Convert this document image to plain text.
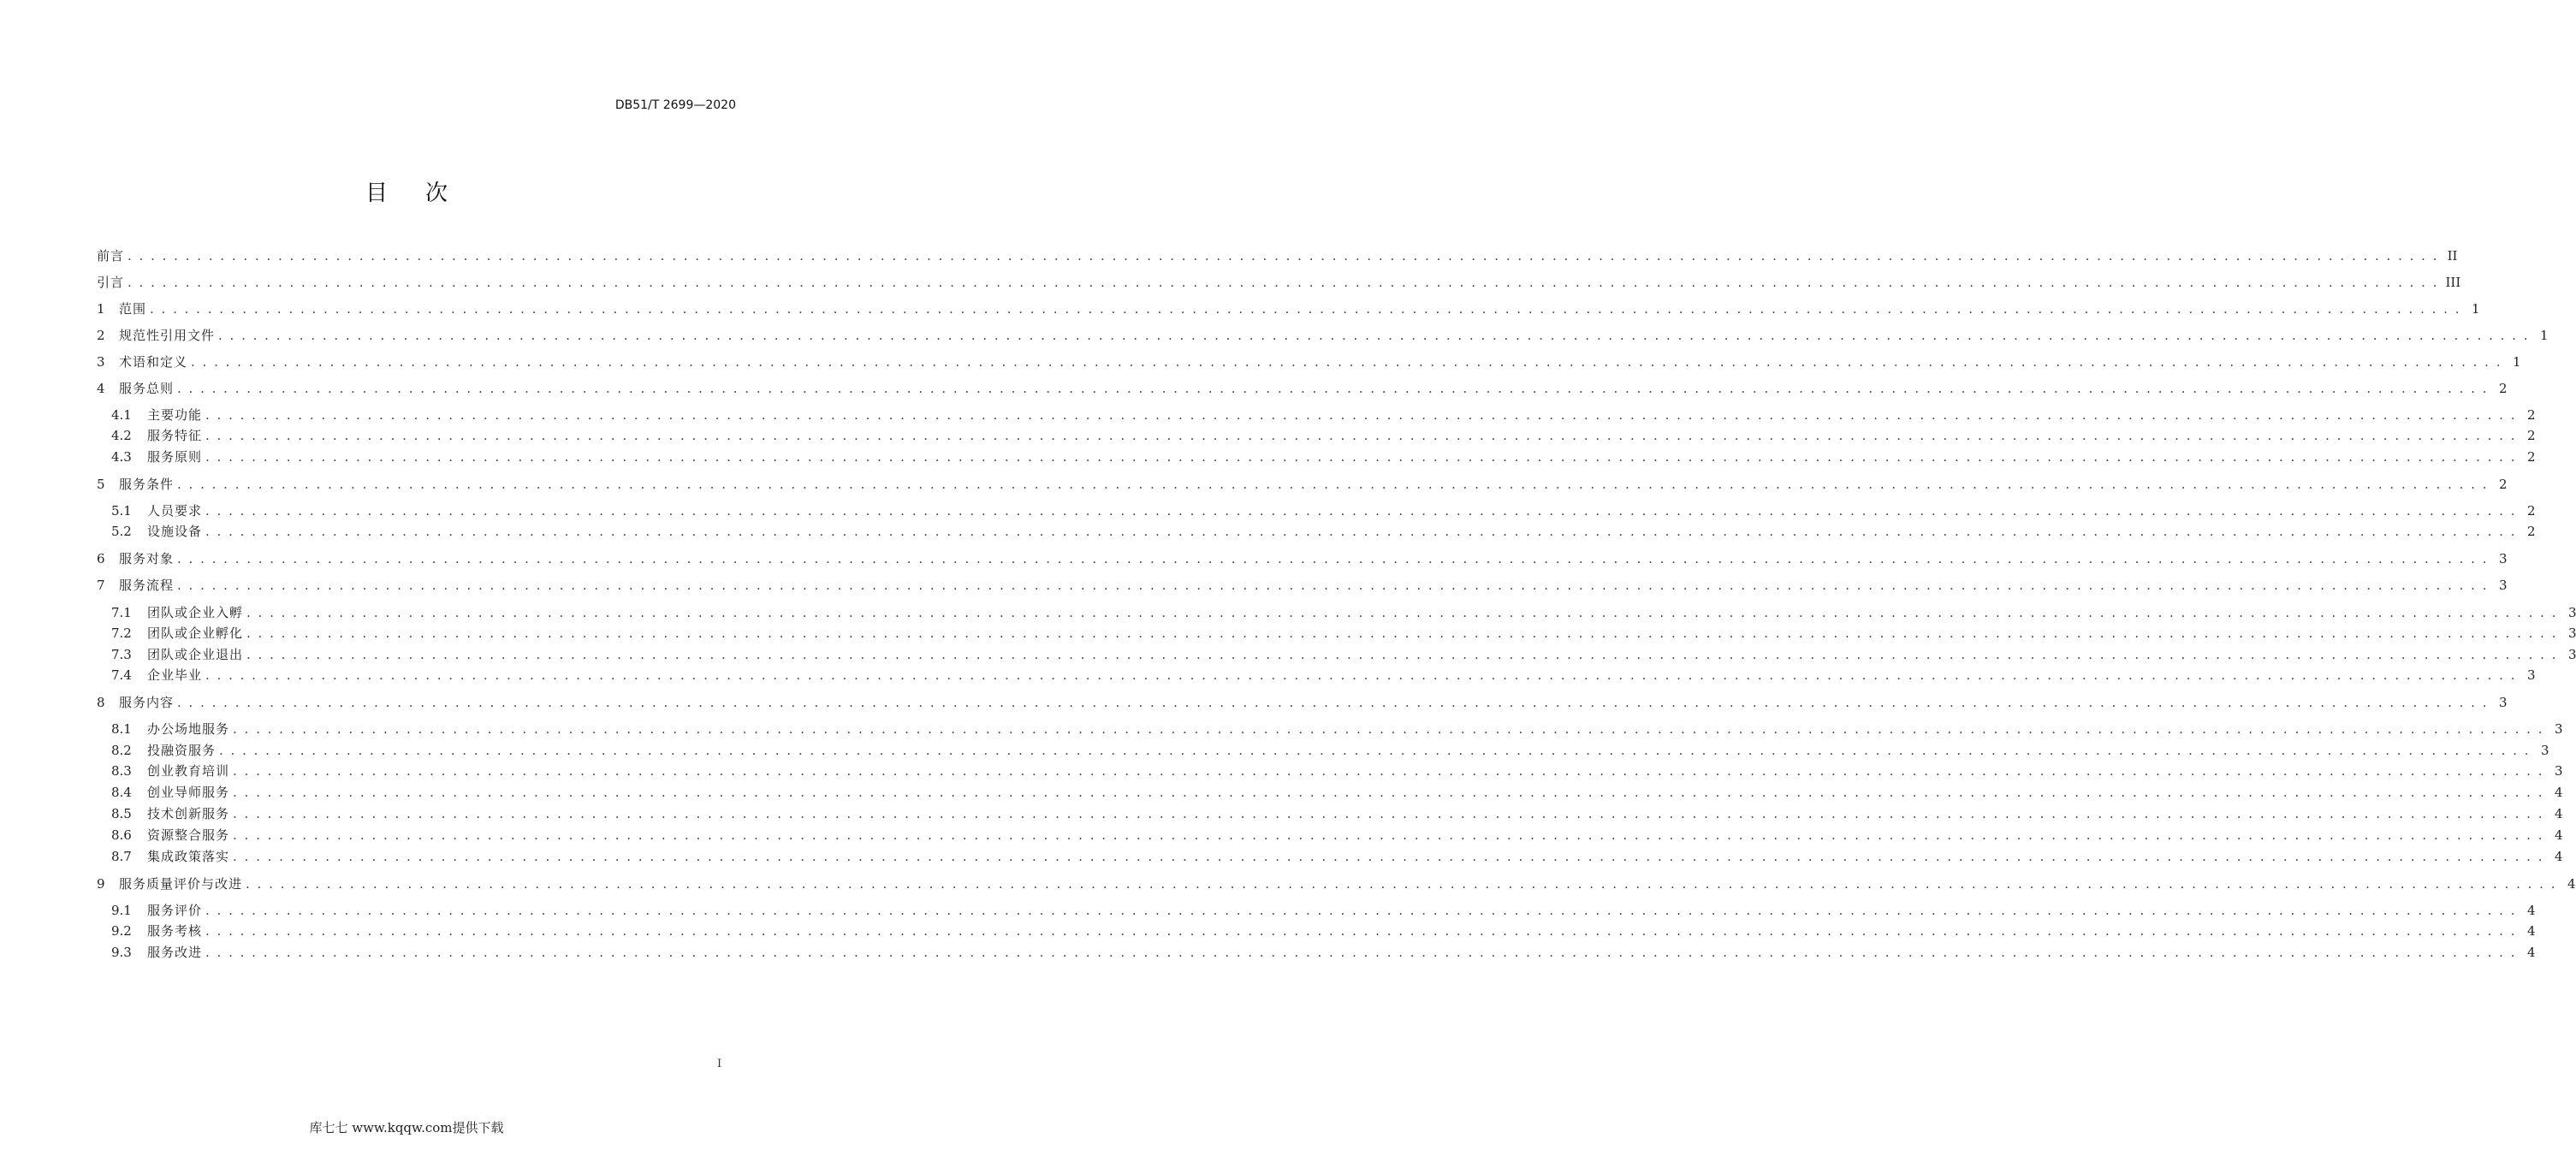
DB51/T 2699—2020
目次
前言 . . . . . . . . . . . . . . . . . . . . . . . . . . . . . . . . . . . . . . . . . . . . . . . . . . . . . . . . . . . . . . . . . . . . . . . . . . . . . . . . . . . . . . . . . . . . . . . . . . . . . . . . . . . . . . . . . . . . . . . . . . . . . . . . . . . . . . . . . . . . . . . . . . . . . . . . . . . . . . . . . . . . . . . . . . . . . . . . . . . . . . . . . . . . . . . . . . . . . . . . II
引言 . . . . . . . . . . . . . . . . . . . . . . . . . . . . . . . . . . . . . . . . . . . . . . . . . . . . . . . . . . . . . . . . . . . . . . . . . . . . . . . . . . . . . . . . . . . . . . . . . . . . . . . . . . . . . . . . . . . . . . . . . . . . . . . . . . . . . . . . . . . . . . . . . . . . . . . . . . . . . . . . . . . . . . . . . . . . . . . . . . . . . . . . . . . . . . . . . . . . . . . . III
1	范围 . . . . . . . . . . . . . . . . . . . . . . . . . . . . . . . . . . . . . . . . . . . . . . . . . . . . . . . . . . . . . . . . . . . . . . . . . . . . . . . . . . . . . . . . . . . . . . . . . . . . . . . . . . . . . . . . . . . . . . . . . . . . . . . . . . . . . . . . . . . . . . . . . . . . . . . . . . . . . . . . . . . . . . . . . . . . . . . . . . . . . . . . . . . . . . . . . . . . . . . . 1
2	规范性引用文件 . . . . . . . . . . . . . . . . . . . . . . . . . . . . . . . . . . . . . . . . . . . . . . . . . . . . . . . . . . . . . . . . . . . . . . . . . . . . . . . . . . . . . . . . . . . . . . . . . . . . . . . . . . . . . . . . . . . . . . . . . . . . . . . . . . . . . . . . . . . . . . . . . . . . . . . . . . . . . . . . . . . . . . . . . . . . . . . . . . . . . . . . . . . . . . . . . . . . . . . . 1
3	术语和定义 . . . . . . . . . . . . . . . . . . . . . . . . . . . . . . . . . . . . . . . . . . . . . . . . . . . . . . . . . . . . . . . . . . . . . . . . . . . . . . . . . . . . . . . . . . . . . . . . . . . . . . . . . . . . . . . . . . . . . . . . . . . . . . . . . . . . . . . . . . . . . . . . . . . . . . . . . . . . . . . . . . . . . . . . . . . . . . . . . . . . . . . . . . . . . . . . . . . . . . . . 1
4	服务总则 . . . . . . . . . . . . . . . . . . . . . . . . . . . . . . . . . . . . . . . . . . . . . . . . . . . . . . . . . . . . . . . . . . . . . . . . . . . . . . . . . . . . . . . . . . . . . . . . . . . . . . . . . . . . . . . . . . . . . . . . . . . . . . . . . . . . . . . . . . . . . . . . . . . . . . . . . . . . . . . . . . . . . . . . . . . . . . . . . . . . . . . . . . . . . . . . . . . . . . . . 2
4.1	主要功能 . . . . . . . . . . . . . . . . . . . . . . . . . . . . . . . . . . . . . . . . . . . . . . . . . . . . . . . . . . . . . . . . . . . . . . . . . . . . . . . . . . . . . . . . . . . . . . . . . . . . . . . . . . . . . . . . . . . . . . . . . . . . . . . . . . . . . . . . . . . . . . . . . . . . . . . . . . . . . . . . . . . . . . . . . . . . . . . . . . . . . . . . . . . . . . . . . . . . . . . . 2
4.2	服务特征 . . . . . . . . . . . . . . . . . . . . . . . . . . . . . . . . . . . . . . . . . . . . . . . . . . . . . . . . . . . . . . . . . . . . . . . . . . . . . . . . . . . . . . . . . . . . . . . . . . . . . . . . . . . . . . . . . . . . . . . . . . . . . . . . . . . . . . . . . . . . . . . . . . . . . . . . . . . . . . . . . . . . . . . . . . . . . . . . . . . . . . . . . . . . . . . . . . . . . . . . 2
4.3	服务原则 . . . . . . . . . . . . . . . . . . . . . . . . . . . . . . . . . . . . . . . . . . . . . . . . . . . . . . . . . . . . . . . . . . . . . . . . . . . . . . . . . . . . . . . . . . . . . . . . . . . . . . . . . . . . . . . . . . . . . . . . . . . . . . . . . . . . . . . . . . . . . . . . . . . . . . . . . . . . . . . . . . . . . . . . . . . . . . . . . . . . . . . . . . . . . . . . . . . . . . . . 2
5	服务条件 . . . . . . . . . . . . . . . . . . . . . . . . . . . . . . . . . . . . . . . . . . . . . . . . . . . . . . . . . . . . . . . . . . . . . . . . . . . . . . . . . . . . . . . . . . . . . . . . . . . . . . . . . . . . . . . . . . . . . . . . . . . . . . . . . . . . . . . . . . . . . . . . . . . . . . . . . . . . . . . . . . . . . . . . . . . . . . . . . . . . . . . . . . . . . . . . . . . . . . . . 2
5.1	人员要求 . . . . . . . . . . . . . . . . . . . . . . . . . . . . . . . . . . . . . . . . . . . . . . . . . . . . . . . . . . . . . . . . . . . . . . . . . . . . . . . . . . . . . . . . . . . . . . . . . . . . . . . . . . . . . . . . . . . . . . . . . . . . . . . . . . . . . . . . . . . . . . . . . . . . . . . . . . . . . . . . . . . . . . . . . . . . . . . . . . . . . . . . . . . . . . . . . . . . . . . . 2
5.2	设施设备 . . . . . . . . . . . . . . . . . . . . . . . . . . . . . . . . . . . . . . . . . . . . . . . . . . . . . . . . . . . . . . . . . . . . . . . . . . . . . . . . . . . . . . . . . . . . . . . . . . . . . . . . . . . . . . . . . . . . . . . . . . . . . . . . . . . . . . . . . . . . . . . . . . . . . . . . . . . . . . . . . . . . . . . . . . . . . . . . . . . . . . . . . . . . . . . . . . . . . . . . 2
6	服务对象 . . . . . . . . . . . . . . . . . . . . . . . . . . . . . . . . . . . . . . . . . . . . . . . . . . . . . . . . . . . . . . . . . . . . . . . . . . . . . . . . . . . . . . . . . . . . . . . . . . . . . . . . . . . . . . . . . . . . . . . . . . . . . . . . . . . . . . . . . . . . . . . . . . . . . . . . . . . . . . . . . . . . . . . . . . . . . . . . . . . . . . . . . . . . . . . . . . . . . . . . 3
7	服务流程 . . . . . . . . . . . . . . . . . . . . . . . . . . . . . . . . . . . . . . . . . . . . . . . . . . . . . . . . . . . . . . . . . . . . . . . . . . . . . . . . . . . . . . . . . . . . . . . . . . . . . . . . . . . . . . . . . . . . . . . . . . . . . . . . . . . . . . . . . . . . . . . . . . . . . . . . . . . . . . . . . . . . . . . . . . . . . . . . . . . . . . . . . . . . . . . . . . . . . . . . 3
7.1	团队或企业入孵 . . . . . . . . . . . . . . . . . . . . . . . . . . . . . . . . . . . . . . . . . . . . . . . . . . . . . . . . . . . . . . . . . . . . . . . . . . . . . . . . . . . . . . . . . . . . . . . . . . . . . . . . . . . . . . . . . . . . . . . . . . . . . . . . . . . . . . . . . . . . . . . . . . . . . . . . . . . . . . . . . . . . . . . . . . . . . . . . . . . . . . . . . . . . . . . . . . . . . . . . 3
7.2	团队或企业孵化 . . . . . . . . . . . . . . . . . . . . . . . . . . . . . . . . . . . . . . . . . . . . . . . . . . . . . . . . . . . . . . . . . . . . . . . . . . . . . . . . . . . . . . . . . . . . . . . . . . . . . . . . . . . . . . . . . . . . . . . . . . . . . . . . . . . . . . . . . . . . . . . . . . . . . . . . . . . . . . . . . . . . . . . . . . . . . . . . . . . . . . . . . . . . . . . . . . . . . . . . 3
7.3	团队或企业退出 . . . . . . . . . . . . . . . . . . . . . . . . . . . . . . . . . . . . . . . . . . . . . . . . . . . . . . . . . . . . . . . . . . . . . . . . . . . . . . . . . . . . . . . . . . . . . . . . . . . . . . . . . . . . . . . . . . . . . . . . . . . . . . . . . . . . . . . . . . . . . . . . . . . . . . . . . . . . . . . . . . . . . . . . . . . . . . . . . . . . . . . . . . . . . . . . . . . . . . . . 3
7.4	企业毕业 . . . . . . . . . . . . . . . . . . . . . . . . . . . . . . . . . . . . . . . . . . . . . . . . . . . . . . . . . . . . . . . . . . . . . . . . . . . . . . . . . . . . . . . . . . . . . . . . . . . . . . . . . . . . . . . . . . . . . . . . . . . . . . . . . . . . . . . . . . . . . . . . . . . . . . . . . . . . . . . . . . . . . . . . . . . . . . . . . . . . . . . . . . . . . . . . . . . . . . . . 3
8	服务内容 . . . . . . . . . . . . . . . . . . . . . . . . . . . . . . . . . . . . . . . . . . . . . . . . . . . . . . . . . . . . . . . . . . . . . . . . . . . . . . . . . . . . . . . . . . . . . . . . . . . . . . . . . . . . . . . . . . . . . . . . . . . . . . . . . . . . . . . . . . . . . . . . . . . . . . . . . . . . . . . . . . . . . . . . . . . . . . . . . . . . . . . . . . . . . . . . . . . . . . . . 3
8.1	办公场地服务 . . . . . . . . . . . . . . . . . . . . . . . . . . . . . . . . . . . . . . . . . . . . . . . . . . . . . . . . . . . . . . . . . . . . . . . . . . . . . . . . . . . . . . . . . . . . . . . . . . . . . . . . . . . . . . . . . . . . . . . . . . . . . . . . . . . . . . . . . . . . . . . . . . . . . . . . . . . . . . . . . . . . . . . . . . . . . . . . . . . . . . . . . . . . . . . . . . . . . . . . 3
8.2	投融资服务 . . . . . . . . . . . . . . . . . . . . . . . . . . . . . . . . . . . . . . . . . . . . . . . . . . . . . . . . . . . . . . . . . . . . . . . . . . . . . . . . . . . . . . . . . . . . . . . . . . . . . . . . . . . . . . . . . . . . . . . . . . . . . . . . . . . . . . . . . . . . . . . . . . . . . . . . . . . . . . . . . . . . . . . . . . . . . . . . . . . . . . . . . . . . . . . . . . . . . . . . 3
8.3	创业教育培训 . . . . . . . . . . . . . . . . . . . . . . . . . . . . . . . . . . . . . . . . . . . . . . . . . . . . . . . . . . . . . . . . . . . . . . . . . . . . . . . . . . . . . . . . . . . . . . . . . . . . . . . . . . . . . . . . . . . . . . . . . . . . . . . . . . . . . . . . . . . . . . . . . . . . . . . . . . . . . . . . . . . . . . . . . . . . . . . . . . . . . . . . . . . . . . . . . . . . . . . . 3
8.4	创业导师服务 . . . . . . . . . . . . . . . . . . . . . . . . . . . . . . . . . . . . . . . . . . . . . . . . . . . . . . . . . . . . . . . . . . . . . . . . . . . . . . . . . . . . . . . . . . . . . . . . . . . . . . . . . . . . . . . . . . . . . . . . . . . . . . . . . . . . . . . . . . . . . . . . . . . . . . . . . . . . . . . . . . . . . . . . . . . . . . . . . . . . . . . . . . . . . . . . . . . . . . . . 4
8.5	技术创新服务 . . . . . . . . . . . . . . . . . . . . . . . . . . . . . . . . . . . . . . . . . . . . . . . . . . . . . . . . . . . . . . . . . . . . . . . . . . . . . . . . . . . . . . . . . . . . . . . . . . . . . . . . . . . . . . . . . . . . . . . . . . . . . . . . . . . . . . . . . . . . . . . . . . . . . . . . . . . . . . . . . . . . . . . . . . . . . . . . . . . . . . . . . . . . . . . . . . . . . . . . 4
8.6	资源整合服务 . . . . . . . . . . . . . . . . . . . . . . . . . . . . . . . . . . . . . . . . . . . . . . . . . . . . . . . . . . . . . . . . . . . . . . . . . . . . . . . . . . . . . . . . . . . . . . . . . . . . . . . . . . . . . . . . . . . . . . . . . . . . . . . . . . . . . . . . . . . . . . . . . . . . . . . . . . . . . . . . . . . . . . . . . . . . . . . . . . . . . . . . . . . . . . . . . . . . . . . . 4
8.7	集成政策落实 . . . . . . . . . . . . . . . . . . . . . . . . . . . . . . . . . . . . . . . . . . . . . . . . . . . . . . . . . . . . . . . . . . . . . . . . . . . . . . . . . . . . . . . . . . . . . . . . . . . . . . . . . . . . . . . . . . . . . . . . . . . . . . . . . . . . . . . . . . . . . . . . . . . . . . . . . . . . . . . . . . . . . . . . . . . . . . . . . . . . . . . . . . . . . . . . . . . . . . . . 4
9	服务质量评价与改进 . . . . . . . . . . . . . . . . . . . . . . . . . . . . . . . . . . . . . . . . . . . . . . . . . . . . . . . . . . . . . . . . . . . . . . . . . . . . . . . . . . . . . . . . . . . . . . . . . . . . . . . . . . . . . . . . . . . . . . . . . . . . . . . . . . . . . . . . . . . . . . . . . . . . . . . . . . . . . . . . . . . . . . . . . . . . . . . . . . . . . . . . . . . . . . . . . . . . . . . . 4
9.1	服务评价 . . . . . . . . . . . . . . . . . . . . . . . . . . . . . . . . . . . . . . . . . . . . . . . . . . . . . . . . . . . . . . . . . . . . . . . . . . . . . . . . . . . . . . . . . . . . . . . . . . . . . . . . . . . . . . . . . . . . . . . . . . . . . . . . . . . . . . . . . . . . . . . . . . . . . . . . . . . . . . . . . . . . . . . . . . . . . . . . . . . . . . . . . . . . . . . . . . . . . . . . 4
9.2	服务考核 . . . . . . . . . . . . . . . . . . . . . . . . . . . . . . . . . . . . . . . . . . . . . . . . . . . . . . . . . . . . . . . . . . . . . . . . . . . . . . . . . . . . . . . . . . . . . . . . . . . . . . . . . . . . . . . . . . . . . . . . . . . . . . . . . . . . . . . . . . . . . . . . . . . . . . . . . . . . . . . . . . . . . . . . . . . . . . . . . . . . . . . . . . . . . . . . . . . . . . . . 4
9.3	服务改进 . . . . . . . . . . . . . . . . . . . . . . . . . . . . . . . . . . . . . . . . . . . . . . . . . . . . . . . . . . . . . . . . . . . . . . . . . . . . . . . . . . . . . . . . . . . . . . . . . . . . . . . . . . . . . . . . . . . . . . . . . . . . . . . . . . . . . . . . . . . . . . . . . . . . . . . . . . . . . . . . . . . . . . . . . . . . . . . . . . . . . . . . . . . . . . . . . . . . . . . . 4
I
库七七 www.kqqw.com提供下载
